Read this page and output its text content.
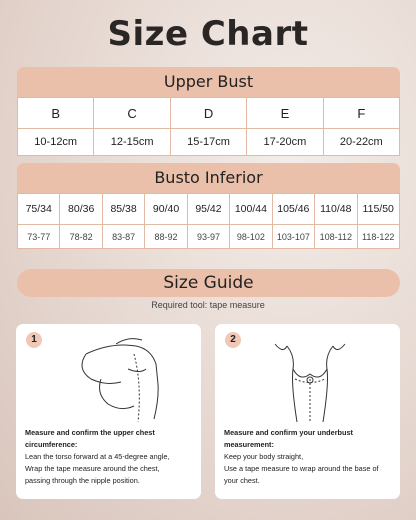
Size Chart
Upper Bust
B	C	D	E	F
10-12cm	12-15cm	15-17cm	17-20cm	20-22cm
Busto Inferior
75/34	80/36	85/38	90/40	95/42	100/44 105/46	110/48	115/50
73-77	78-82	83-87	88-92	93-97	98-102	103-107	108-112	118-122
Size Guide
Required tool: tape measure
1
Measure and confirm the upper chest circumference:
Lean the torso forward at a 45-degree angle,
Wrap the tape measure around the chest,
passing through the nipple position.
2
Measure and confirm your underbust measurement:
Keep your body straight,
Use a tape measure to wrap around the base of your chest.
